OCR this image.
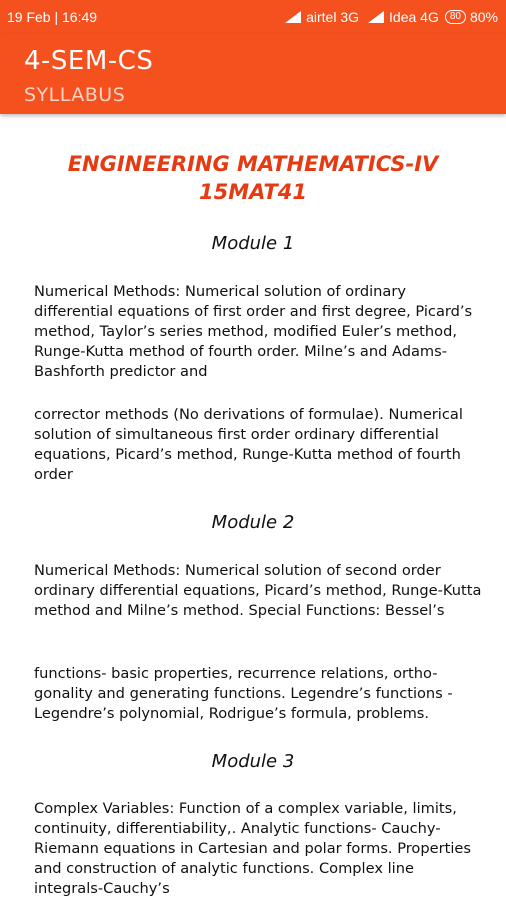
19 Feb | 16:49	airtel 3G Idea 4G 80 80%
4-SEM-CS
SYLLABUS
ENGINEERING MATHEMATICS-IV
15MAT41
Module 1
Numerical Methods: Numerical solution of ordinary differential equations of first order and first degree, Picard’s method, Taylor’s series method, modified Euler’s method, Runge-Kutta method of fourth order. Milne’s and Adams-Bashforth predictor and
corrector methods (No derivations of formulae). Numerical solution of simultaneous first order ordinary differential equations, Picard’s method, Runge-Kutta method of fourth order
Module 2
Numerical Methods: Numerical solution of second order ordinary differential equations, Picard’s method, Runge-Kutta method and Milne’s method. Special Functions: Bessel’s
functions- basic properties, recurrence relations, ortho-gonality and generating functions. Legendre’s functions - Legendre’s polynomial, Rodrigue’s formula, problems.
Module 3
Complex Variables: Function of a complex variable, limits, continuity, differentiability,. Analytic functions- Cauchy-Riemann equations in Cartesian and polar forms. Properties and construction of analytic functions. Complex line integrals-Cauchy’s
